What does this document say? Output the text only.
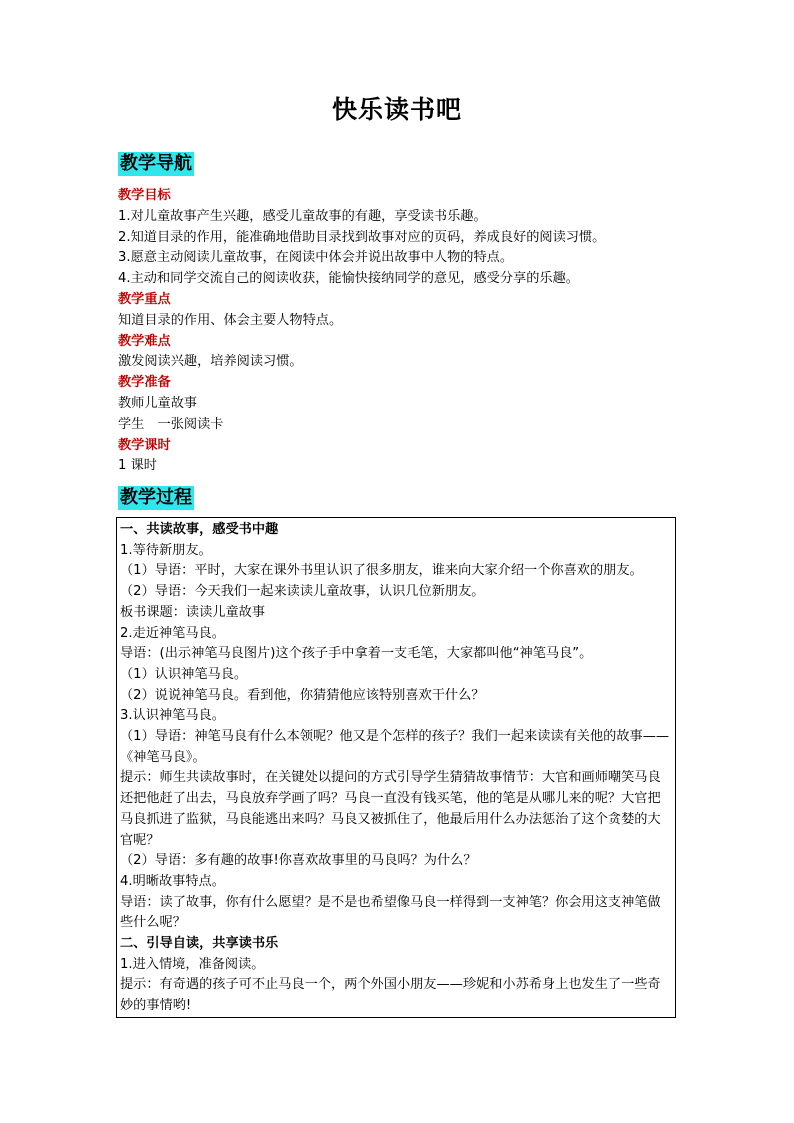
快乐读书吧
教学导航
教学目标
1.对儿童故事产生兴趣，感受儿童故事的有趣，享受读书乐趣。
2.知道目录的作用，能准确地借助目录找到故事对应的页码，养成良好的阅读习惯。
3.愿意主动阅读儿童故事，在阅读中体会并说出故事中人物的特点。
4.主动和同学交流自己的阅读收获，能愉快接纳同学的意见，感受分享的乐趣。
教学重点
知道目录的作用、体会主要人物特点。
教学难点
激发阅读兴趣，培养阅读习惯。
教学准备
教师儿童故事
学生　一张阅读卡
教学课时
1 课时
教学过程
一、共读故事，感受书中趣
1.等待新朋友。
（1）导语：平时，大家在课外书里认识了很多朋友，谁来向大家介绍一个你喜欢的朋友。
（2）导语：今天我们一起来读读儿童故事，认识几位新朋友。
板书课题：读读儿童故事
2.走近神笔马良。
导语：(出示神笔马良图片)这个孩子手中拿着一支毛笔，大家都叫他“神笔马良”。
（1）认识神笔马良。
（2）说说神笔马良。看到他，你猜猜他应该特别喜欢干什么？
3.认识神笔马良。
（1）导语：神笔马良有什么本领呢？他又是个怎样的孩子？我们一起来读读有关他的故事——《神笔马良》。
提示：师生共读故事时，在关键处以提问的方式引导学生猜猜故事情节：大官和画师嘲笑马良还把他赶了出去，马良放弃学画了吗？马良一直没有钱买笔，他的笔是从哪儿来的呢？大官把马良抓进了监狱，马良能逃出来吗？马良又被抓住了，他最后用什么办法惩治了这个贪婪的大官呢？
（2）导语：多有趣的故事!你喜欢故事里的马良吗？为什么？
4.明晰故事特点。
导语：读了故事，你有什么愿望？是不是也希望像马良一样得到一支神笔？你会用这支神笔做些什么呢？
二、引导自读，共享读书乐
1.进入情境，准备阅读。
提示：有奇遇的孩子可不止马良一个，两个外国小朋友——珍妮和小苏希身上也发生了一些奇妙的事情哟!
